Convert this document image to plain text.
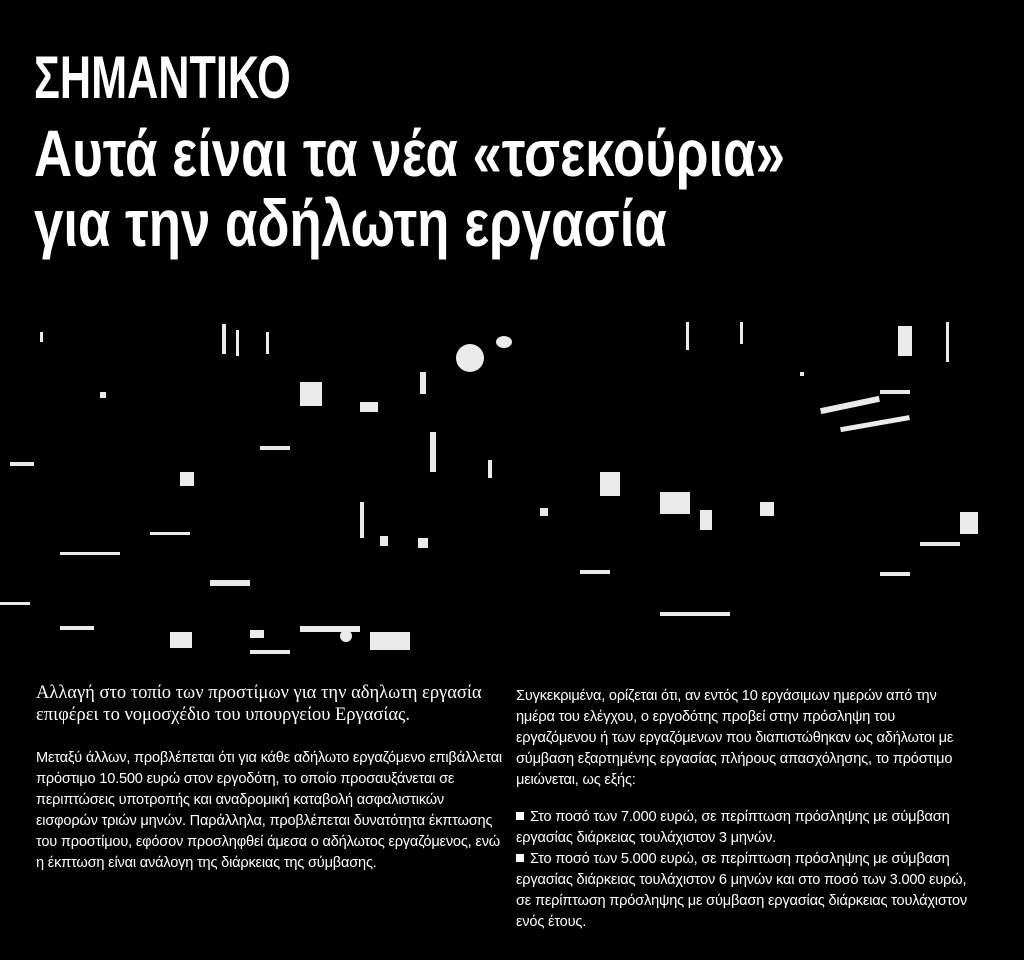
ΣΗΜΑΝΤΙΚΟ
Αυτά είναι τα νέα «τσεκούρια»
για την αδήλωτη εργασία

Αλλαγή στο τοπίο των προστίμων για την αδηλωτη εργασία επιφέρει το νομοσχέδιο του υπουργείου Εργασίας.

Μεταξύ άλλων, προβλέπεται ότι για κάθε αδήλωτο εργαζόμενο επιβάλλεται πρόστιμο 10.500 ευρώ στον εργοδότη, το οποίο προσαυξάνεται σε περιπτώσεις υποτροπής και αναδρομική καταβολή ασφαλιστικών εισφορών τριών μηνών. Παράλληλα, προβλέπεται δυνατότητα έκπτωσης του προστίμου, εφόσον προσληφθεί άμεσα ο αδήλωτος εργαζόμενος, ενώ η έκπτωση είναι ανάλογη της διάρκειας της σύμβασης.

Συγκεκριμένα, ορίζεται ότι, αν εντός 10 εργάσιμων ημερών από την ημέρα του ελέγχου, ο εργοδότης προβεί στην πρόσληψη του εργαζόμενου ή των εργαζόμενων που διαπιστώθηκαν ως αδήλωτοι με σύμβαση εξαρτημένης εργασίας πλήρους απασχόλησης, το πρόστιμο μειώνεται, ως εξής:

Στο ποσό των 7.000 ευρώ, σε περίπτωση πρόσληψης με σύμβαση εργασίας διάρκειας τουλάχιστον 3 μηνών.

Στο ποσό των 5.000 ευρώ, σε περίπτωση πρόσληψης με σύμβαση εργασίας διάρκειας τουλάχιστον 6 μηνών και στο ποσό των 3.000 ευρώ, σε περίπτωση πρόσληψης με σύμβαση εργασίας διάρκειας τουλάχιστον ενός έτους.
